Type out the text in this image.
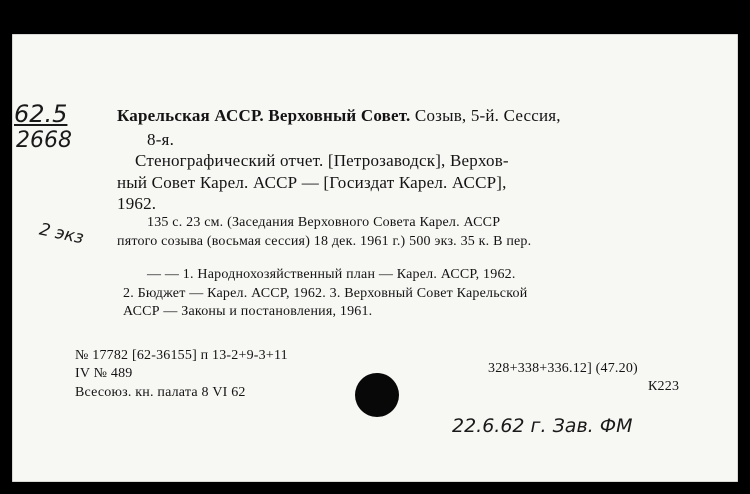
62.5
2668
Карельская АССР. Верховный Совет. Созыв, 5-й. Сессия,
8-я.
Стенографический отчет. [Петрозаводск], Верхов-
ный Совет Карел. АССР — [Госиздат Карел. АССР],
1962.
2 экз	135 с. 23 см. (Заседания Верховного Совета Карел. АССР
пятого созыва (восьмая сессия) 18 дек. 1961 г.) 500 экз. 35 к. В пер.
— — 1. Народнохозяйственный план — Карел. АССР, 1962.
2. Бюджет — Карел. АССР, 1962. 3. Верховный Совет Карельской
АССР — Законы и постановления, 1961.
№ 17782 [62-36155] п 13-2+9-3+11
IV № 489
Всесоюз. кн. палата 8 VI 62
328+338+336.12] (47.20)
К223
22.6.62 г. Зав. ФМ
